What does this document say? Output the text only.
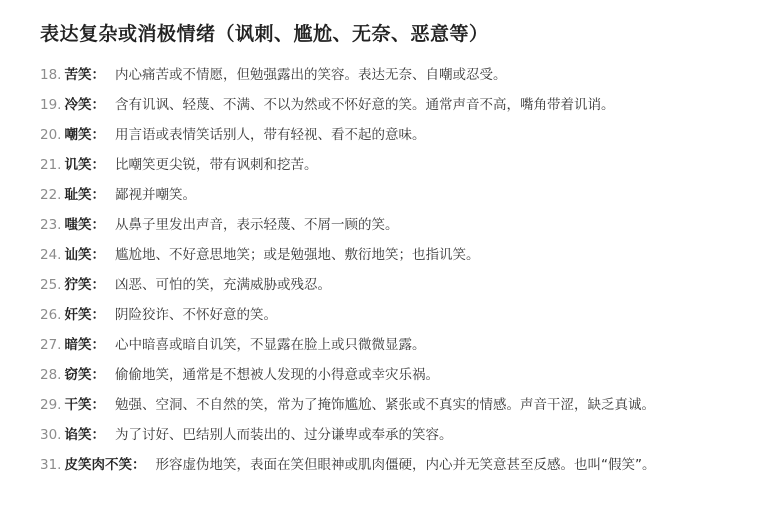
表达复杂或消极情绪（讽刺、尴尬、无奈、恶意等）
18. 苦笑 ： 内心痛苦或不情愿，但勉强露出的笑容。表达无奈、自嘲或忍受。
19. 冷笑 ： 含有讥讽、轻蔑、不满、不以为然或不怀好意的笑。通常声音不高，嘴角带着讥诮。
20. 嘲笑 ： 用言语或表情笑话别人，带有轻视、看不起的意味。
21. 讥笑 ： 比嘲笑更尖锐，带有讽刺和挖苦。
22. 耻笑 ： 鄙视并嘲笑。
23. 嗤笑 ： 从鼻子里发出声音，表示轻蔑、不屑一顾的笑。
24. 讪笑 ： 尴尬地、不好意思地笑；或是勉强地、敷衍地笑；也指讥笑。
25. 狞笑 ： 凶恶、可怕的笑，充满威胁或残忍。
26. 奸笑 ： 阴险狡诈、不怀好意的笑。
27. 暗笑 ： 心中暗喜或暗自讥笑，不显露在脸上或只微微显露。
28. 窃笑 ： 偷偷地笑，通常是不想被人发现的小得意或幸灾乐祸。
29. 干笑 ： 勉强、空洞、不自然的笑，常为了掩饰尴尬、紧张或不真实的情感。声音干涩，缺乏真诚。
30. 谄笑 ： 为了讨好、巴结别人而装出的、过分谦卑或奉承的笑容。
31. 皮笑肉不笑 ： 形容虚伪地笑，表面在笑但眼神或肌肉僵硬，内心并无笑意甚至反感。也叫“假笑”。
